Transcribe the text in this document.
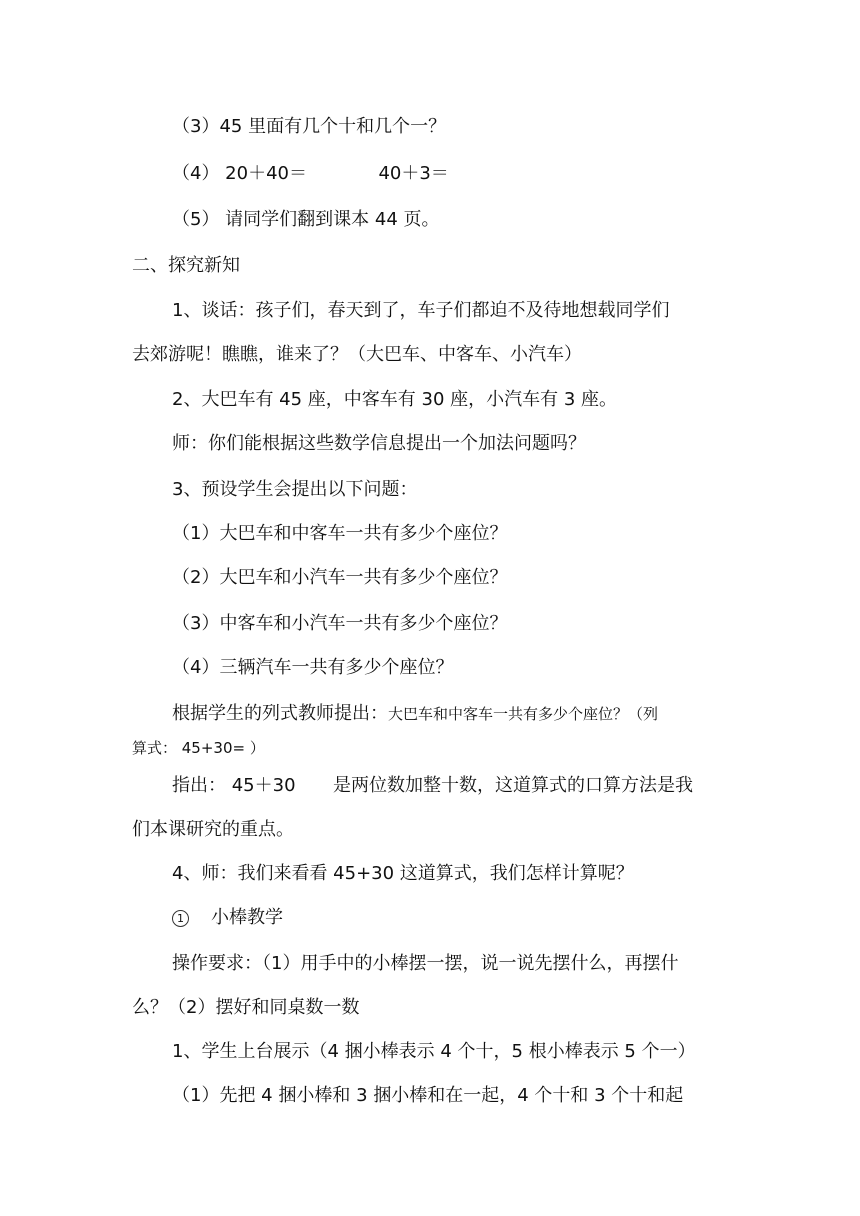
（3）45 里面有几个十和几个一？
（4） 20＋40＝	40＋3＝
（5） 请同学们翻到课本 44 页。
二、探究新知
1、谈话：孩子们，春天到了，车子们都迫不及待地想载同学们
去郊游呢！瞧瞧，谁来了？（大巴车、中客车、小汽车）
2、大巴车有 45 座，中客车有 30 座，小汽车有 3 座。
师：你们能根据这些数学信息提出一个加法问题吗？
3、预设学生会提出以下问题：
（1）大巴车和中客车一共有多少个座位？
（2）大巴车和小汽车一共有多少个座位？
（3）中客车和小汽车一共有多少个座位？
（4）三辆汽车一共有多少个座位？
根据学生的列式教师提出：大巴车和中客车一共有多少个座位？（列
算式： 45+30= ）
指出： 45＋30 是两位数加整十数，这道算式的口算方法是我
们本课研究的重点。
4、师：我们来看看 45+30 这道算式，我们怎样计算呢？
1 小棒教学
操作要求：（1）用手中的小棒摆一摆，说一说先摆什么，再摆什
么？（2）摆好和同桌数一数
1、学生上台展示（4 捆小棒表示 4 个十，5 根小棒表示 5 个一）
（1）先把 4 捆小棒和 3 捆小棒和在一起，4 个十和 3 个十和起
